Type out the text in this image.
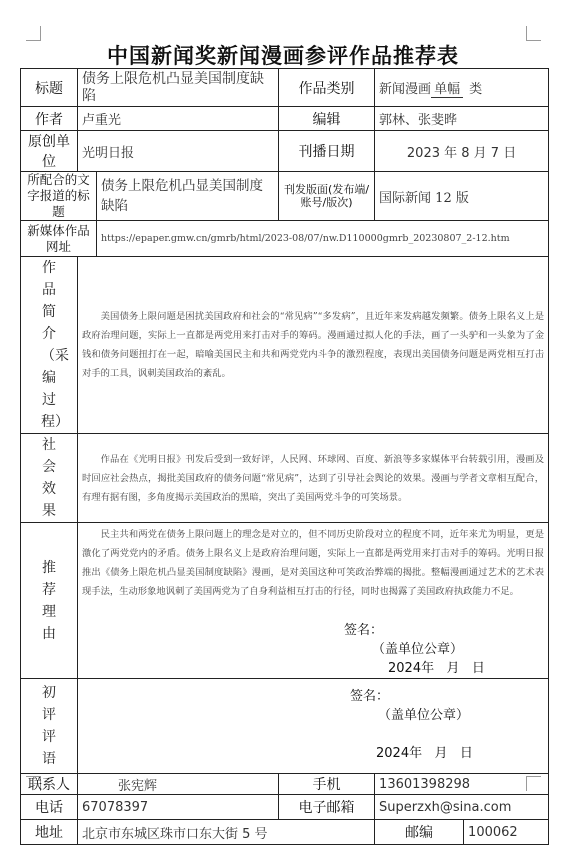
中国新闻奖新闻漫画参评作品推荐表
标题	债务上限危机凸显美国制度缺陷		作品类别	新闻漫画 单幅 类	
作者	卢重光		编辑	郭林、张斐晔	
原创单位	光明日报		刊播日期	2023 年 8 月 7 日	
所配合的文字报道的标题		债务上限危机凸显美国制度缺陷	刊发版面(发布端/账号/版次)	国际新闻 12 版	
新媒体作品网址		https://epaper.gmw.cn/gmrb/html/2023-08/07/nw.D110000gmrb_20230807_2-12.htm			
作品简介（采编过程）	美国债务上限问题是困扰美国政府和社会的“常见病”“多发病”，且近年来发病越发频繁。债务上限名义上是政府治理问题，实际上一直都是两党用来打击对手的筹码。漫画通过拟人化的手法，画了一头驴和一头象为了金钱和债务问题扭打在一起，暗喻美国民主和共和两党党内斗争的激烈程度，表现出美国债务问题是两党相互打击对手的工具，讽刺美国政治的紊乱。				

社会效果	作品在《光明日报》刊发后受到一致好评，人民网、环球网、百度、新浪等多家媒体平台转载引用，漫画及时回应社会热点，揭批美国政府的债务问题“常见病”，达到了引导社会舆论的效果。漫画与学者文章相互配合，有理有据有图，多角度揭示美国政治的黑暗，突出了美国两党斗争的可笑场景。				

推荐理由	民主共和两党在债务上限问题上的理念是对立的，但不同历史阶段对立的程度不同，近年来尤为明显，更是激化了两党党内的矛盾。债务上限名义上是政府治理问题，实际上一直都是两党用来打击对手的筹码。光明日报推出《债务上限危机凸显美国制度缺陷》漫画，是对美国这种可笑政治弊端的揭批。整幅漫画通过艺术的艺术表现手法，生动形象地讽刺了美国两党为了自身利益相互打击的行径，同时也揭露了美国政府执政能力不足。

签名：
（盖单位公章）
2024年   月   日				

初评评语	签名：
（盖单位公章）
2024年   月   日				

联系人	张宪辉		手机	13601398298	
电话	67078397		电子邮箱	Superzxh@sina.com	
地址	北京市东城区珠市口东大街 5 号			邮编	100062
